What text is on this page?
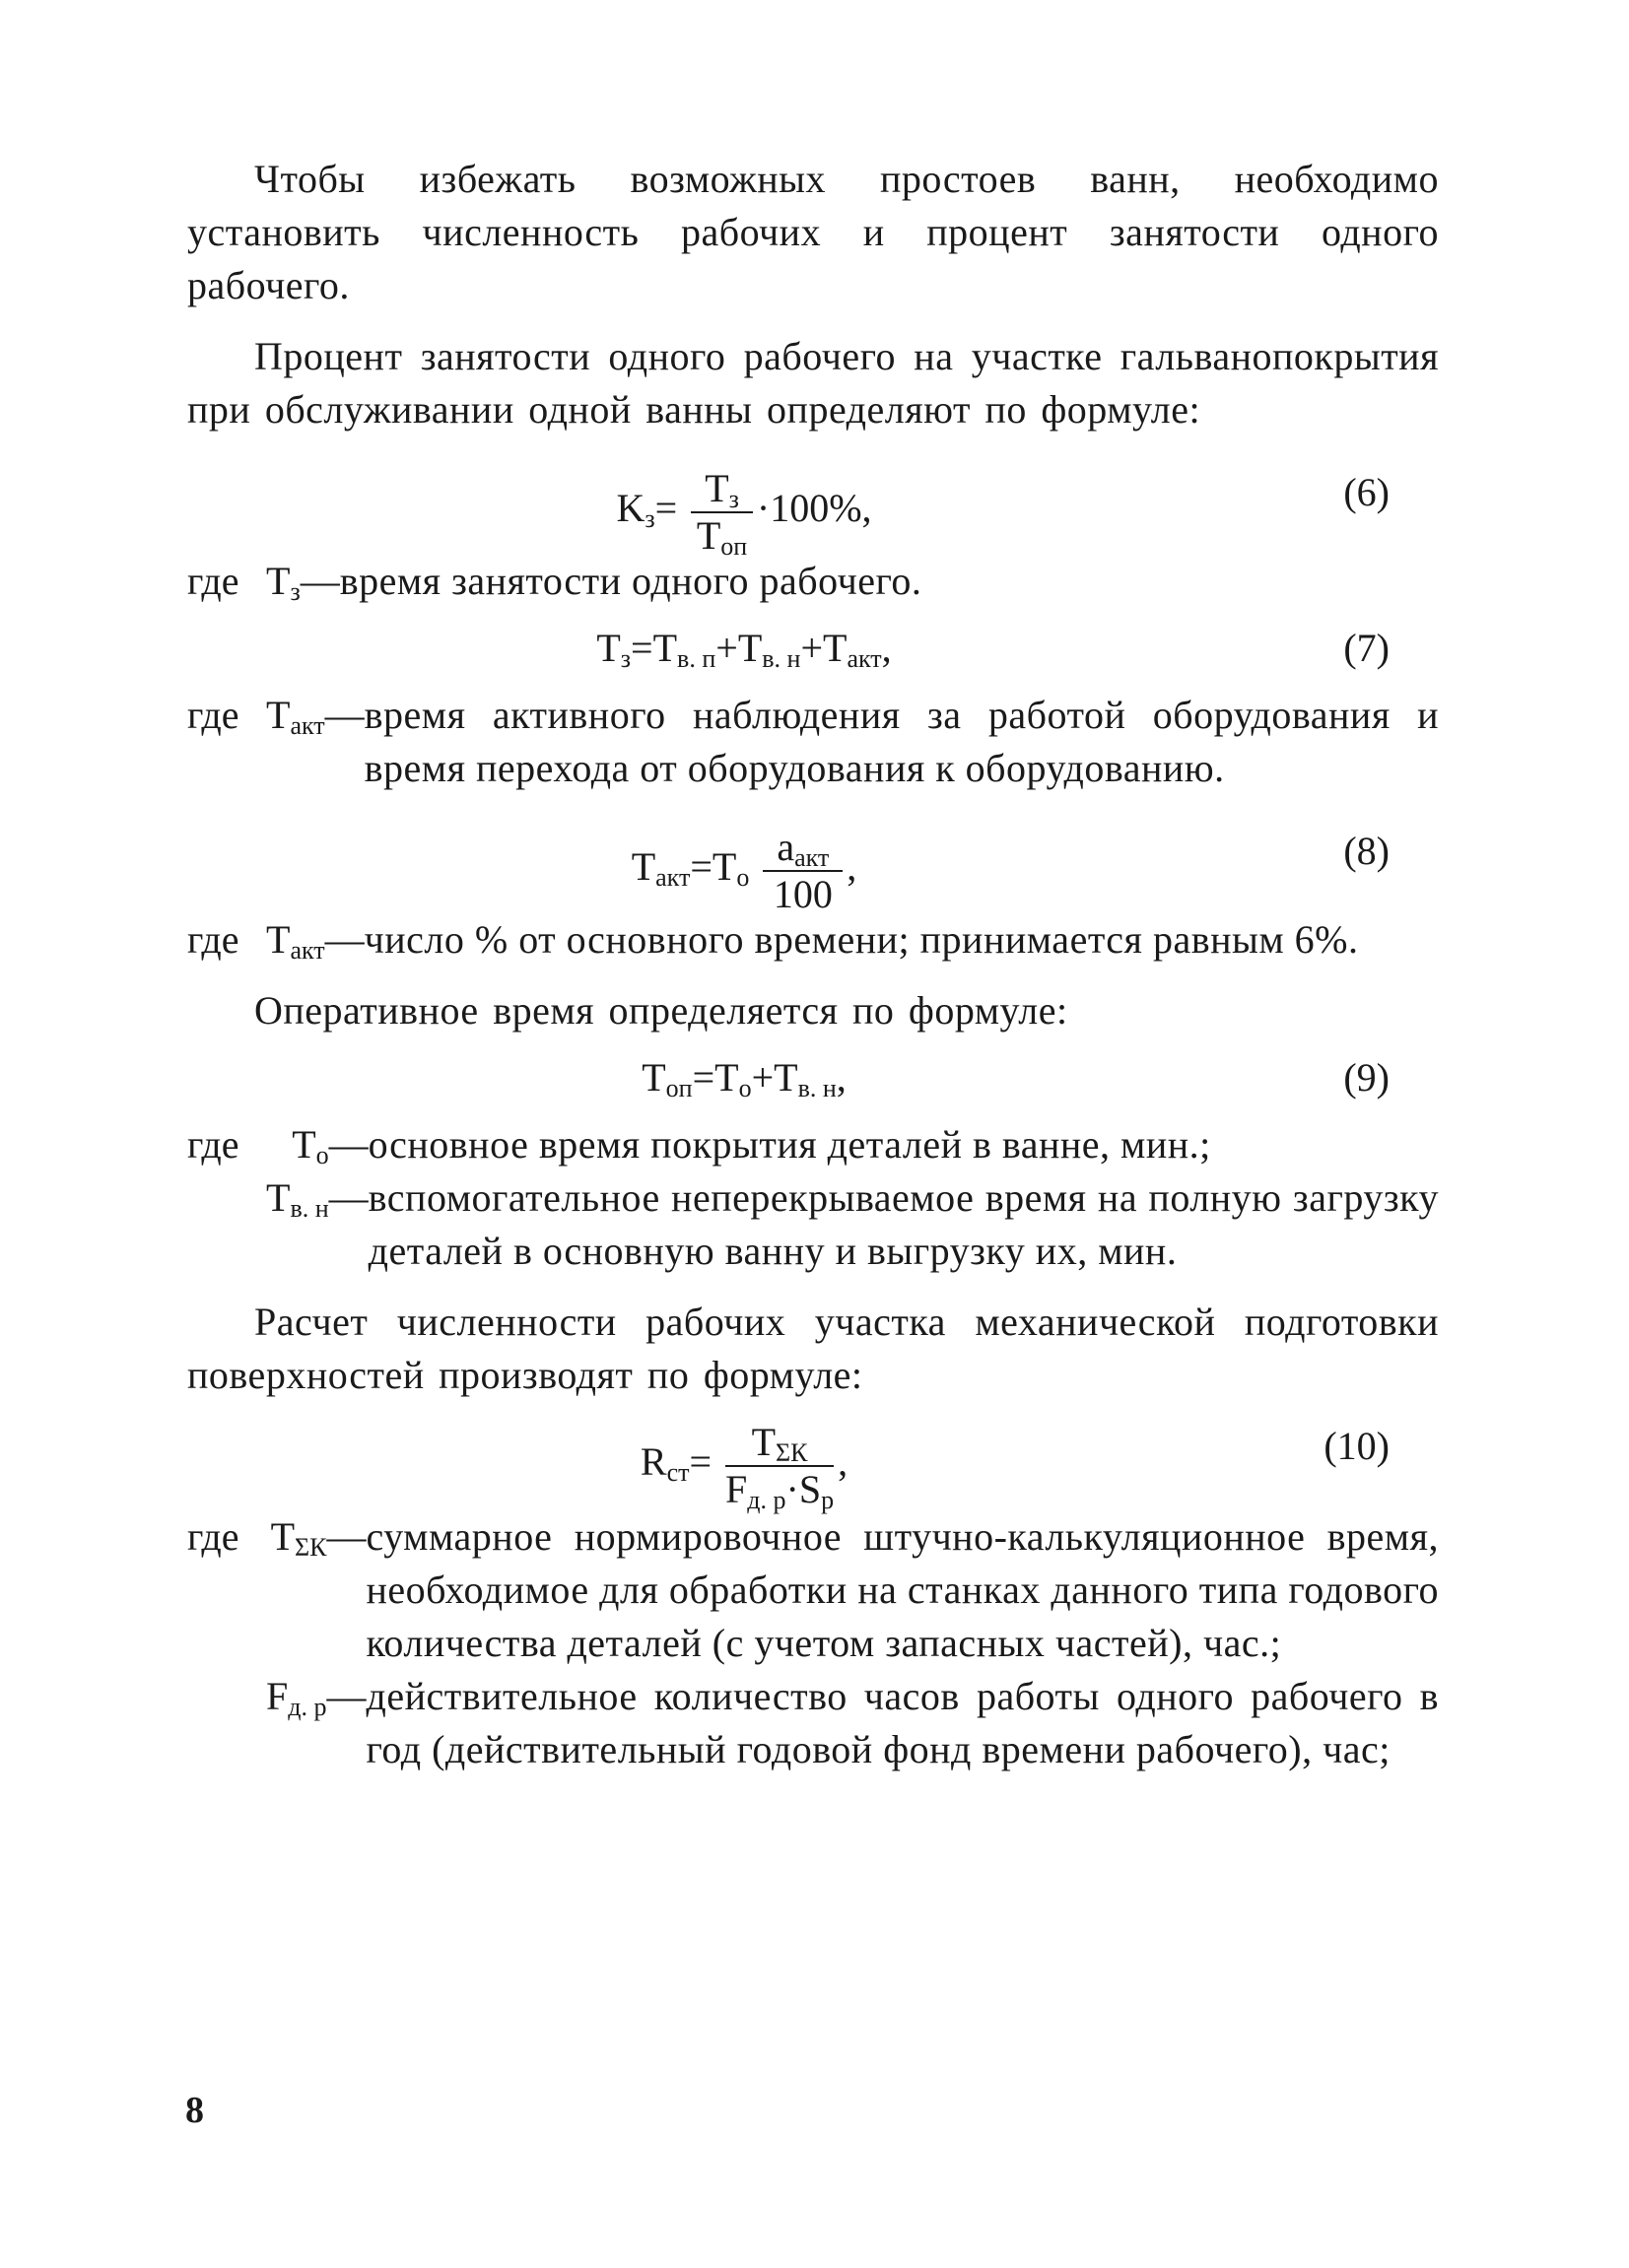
Чтобы избежать возможных простоев ванн, необходимо установить численность рабочих и процент занятости одного рабочего.

Процент занятости одного рабочего на участке гальванопокрытия при обслуживании одной ванны определяют по формуле:

$K_з= \frac{T_з}{T_{оп}} \cdot 100\%$,	(6)
где	$T_з$	—	время занятости одного рабочего.
$T_з=T_{в. п}+T_{в. н}+T_{акт}$,	(7)
где	$T_{акт}$	—	время активного наблюдения за работой оборудования и время перехода от оборудования к оборудованию.
$T_{акт}=T_о \frac{a_{акт}}{100}$ ,	(8)
где	$T_{акт}$	—	число % от основного времени; принимается равным 6%.

Оперативное время определяется по формуле:

$T_{оп}=T_о+T_{в. н}$,	(9)
где	$T_о$	—	основное время покрытия деталей в ванне, мин.;
	$T_{в. н}$	—	вспомогательное неперекрываемое время на полную загрузку деталей в основную ванну и выгрузку их, мин.

Расчет численности рабочих участка механической подготовки поверхностей производят по формуле:

$R_{ст}= \frac{T_{\Sigma К}}{F_{д. р}\cdot S_р}$ ,	(10)
где	$T_{\Sigma К}$	—	суммарное нормировочное штучно-калькуляционное время, необходимое для обработки на станках данного типа годового количества деталей (с учетом запасных частей), час.;
	$F_{д. р}$	—	действительное количество часов работы одного рабочего в год (действительный годовой фонд времени рабочего), час;
8
